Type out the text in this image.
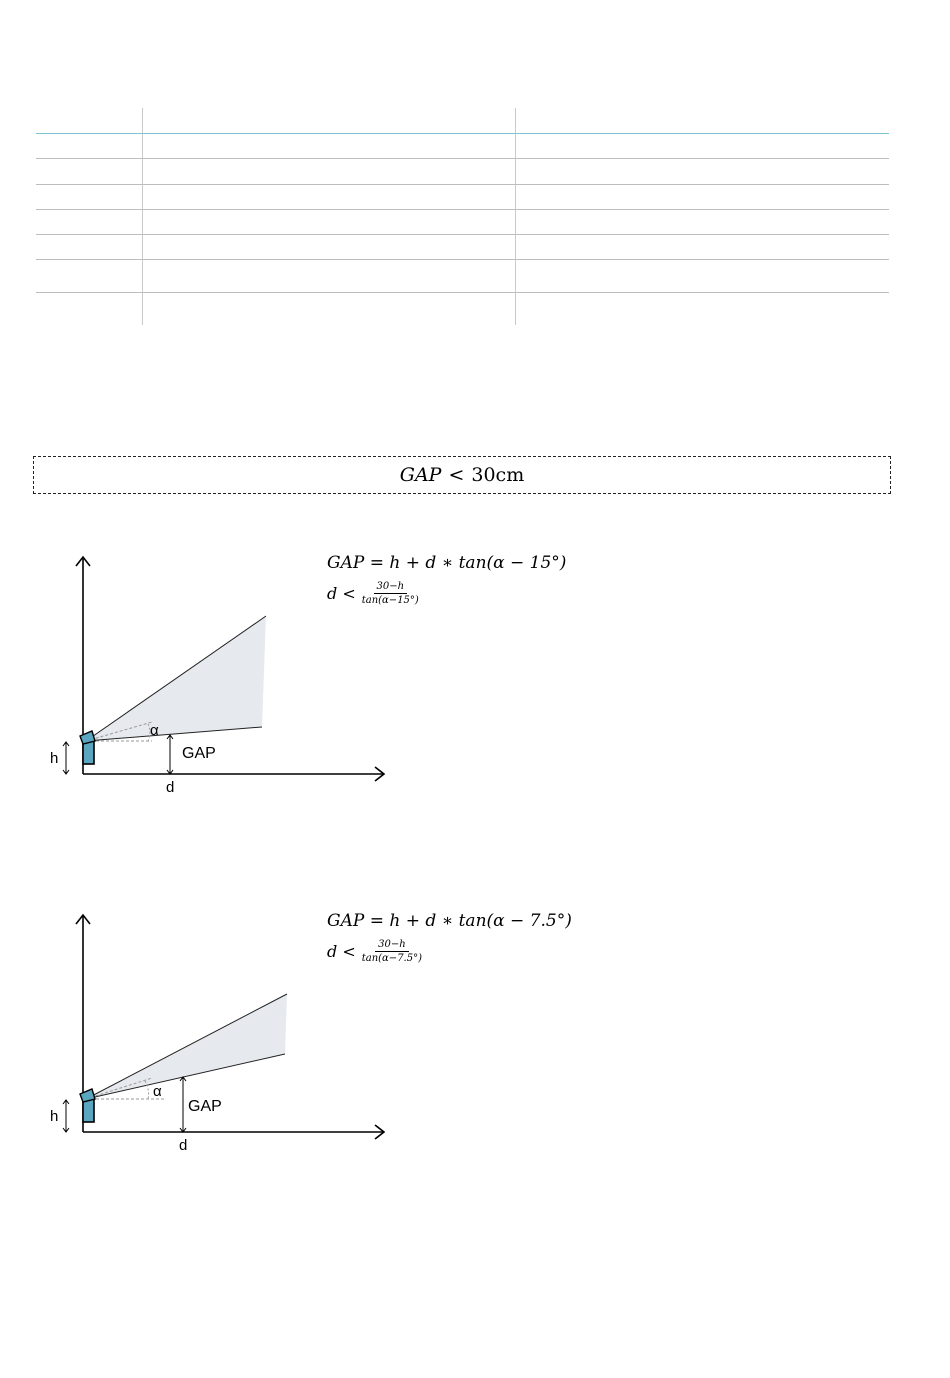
GAP < 30cm
h
α
GAP
d
GAP = h + d ∗ tan(α − 15°)
$d < \frac{30-h}{\tan(\alpha-15^\circ)}$
h
α
GAP
d
GAP = h + d ∗ tan(α − 7.5°)
$d < \frac{30-h}{\tan(\alpha-7.5^\circ)}$
